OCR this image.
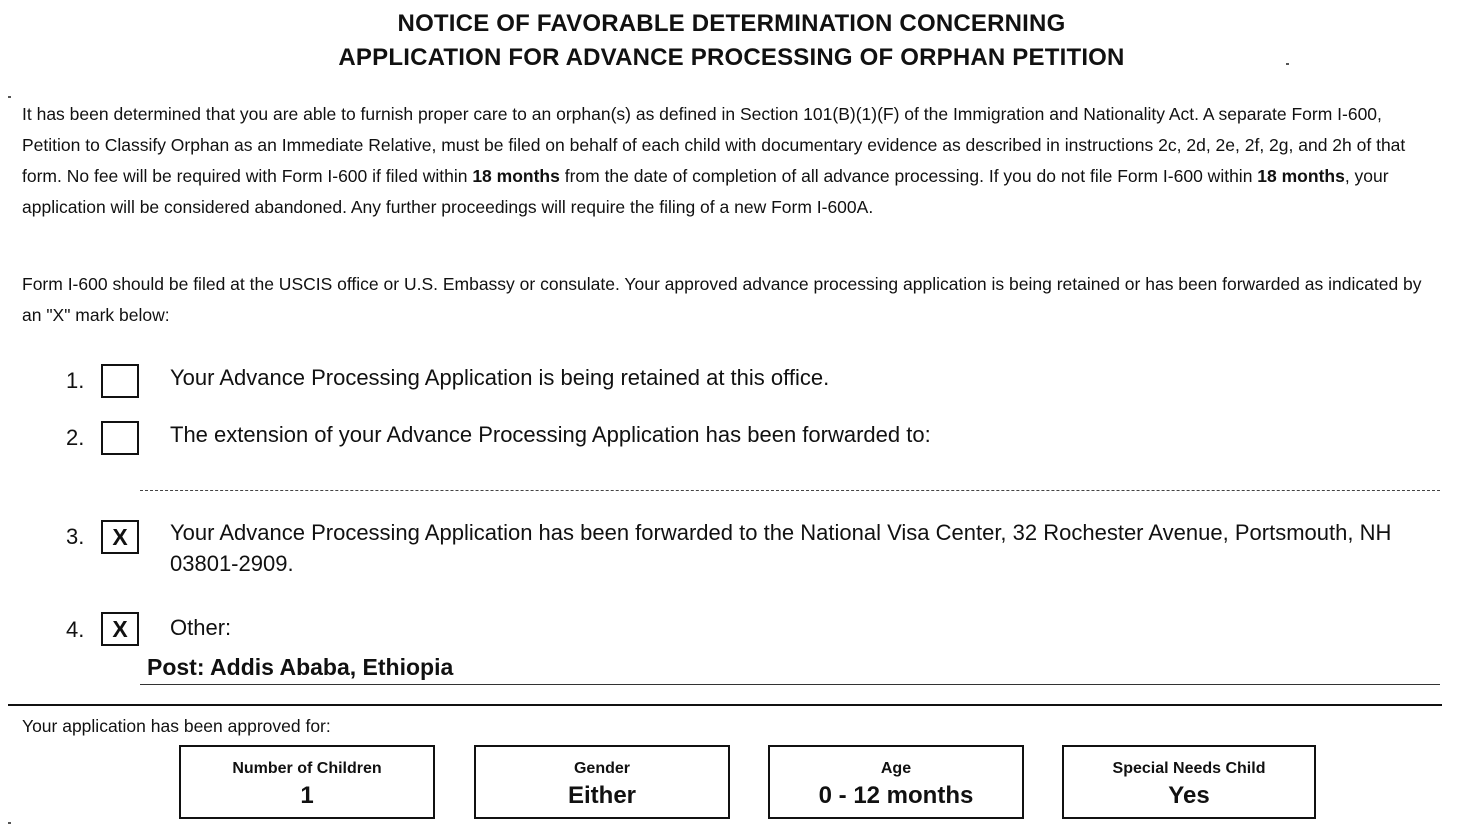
NOTICE OF FAVORABLE DETERMINATION CONCERNING
APPLICATION FOR ADVANCE PROCESSING OF ORPHAN PETITION
It has been determined that you are able to furnish proper care to an orphan(s) as defined in Section 101(B)(1)(F) of the Immigration and Nationality Act. A separate Form I-600, Petition to Classify Orphan as an Immediate Relative, must be filed on behalf of each child with documentary evidence as described in instructions 2c, 2d, 2e, 2f, 2g, and 2h of that form. No fee will be required with Form I-600 if filed within 18 months from the date of completion of all advance processing. If you do not file Form I-600 within 18 months, your application will be considered abandoned. Any further proceedings will require the filing of a new Form I-600A.
Form I-600 should be filed at the USCIS office or U.S. Embassy or consulate. Your approved advance processing application is being retained or has been forwarded as indicated by an "X" mark below:
1.	Your Advance Processing Application is being retained at this office.
2.	The extension of your Advance Processing Application has been forwarded to:
3.	X	Your Advance Processing Application has been forwarded to the National Visa Center, 32 Rochester Avenue, Portsmouth, NH 03801-2909.
4.	X	Other:
Post: Addis Ababa, Ethiopia
Your application has been approved for:
Number of Children
1
Gender
Either
Age
0 - 12 months
Special Needs Child
Yes
